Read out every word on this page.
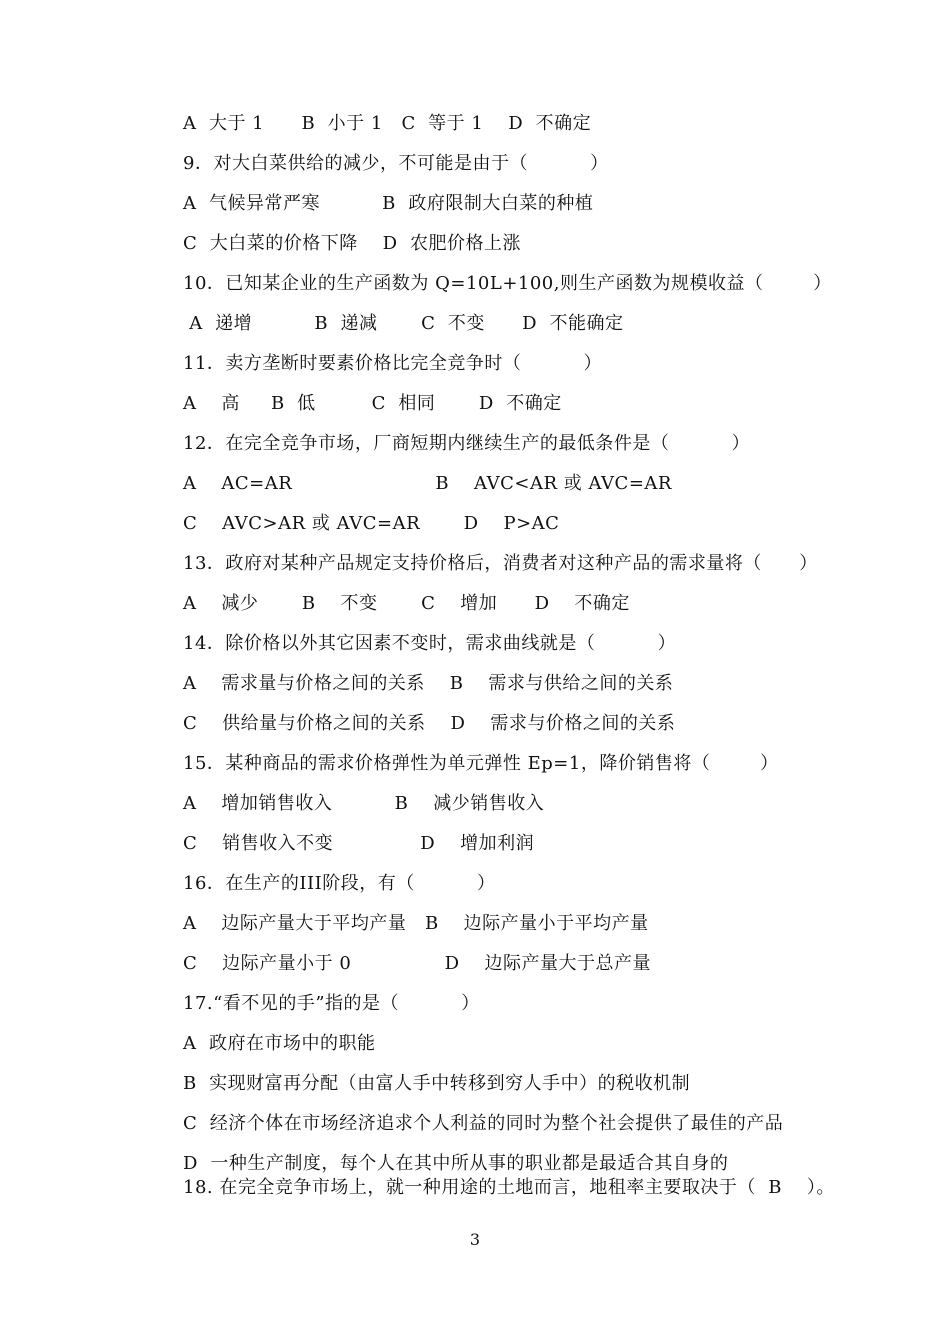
A  大于 1      B  小于 1   C  等于 1    D  不确定
9．对大白菜供给的减少，不可能是由于（          ）
A  气候异常严寒          B  政府限制大白菜的种植
C  大白菜的价格下降    D  农肥价格上涨
10．已知某企业的生产函数为 Q=10L+100,则生产函数为规模收益（        ）
A  递增          B  递减       C  不变      D  不能确定
11．卖方垄断时要素价格比完全竞争时（          ）
A    高     B  低         C  相同       D  不确定
12．在完全竞争市场，厂商短期内继续生产的最低条件是（          ）
A    AC=AR                       B    AVC<AR 或 AVC=AR
C    AVC>AR 或 AVC=AR       D    P>AC
13．政府对某种产品规定支持价格后，消费者对这种产品的需求量将（      ）
A    减少       B    不变       C    增加      D    不确定
14．除价格以外其它因素不变时，需求曲线就是（          ）
A    需求量与价格之间的关系    B    需求与供给之间的关系
C    供给量与价格之间的关系    D    需求与价格之间的关系
15．某种商品的需求价格弹性为单元弹性 Ep=1，降价销售将（        ）
A    增加销售收入          B    减少销售收入
C    销售收入不变              D    增加利润
16．在生产的III阶段，有（          ）
A    边际产量大于平均产量   B    边际产量小于平均产量
C    边际产量小于 0               D    边际产量大于总产量
17.“看不见的手”指的是（          ）
A  政府在市场中的职能
B  实现财富再分配（由富人手中转移到穷人手中）的税收机制
C  经济个体在市场经济追求个人利益的同时为整个社会提供了最佳的产品
D  一种生产制度，每个人在其中所从事的职业都是最适合其自身的
18. 在完全竞争市场上，就一种用途的土地而言，地租率主要取决于（  B    ）。
3
